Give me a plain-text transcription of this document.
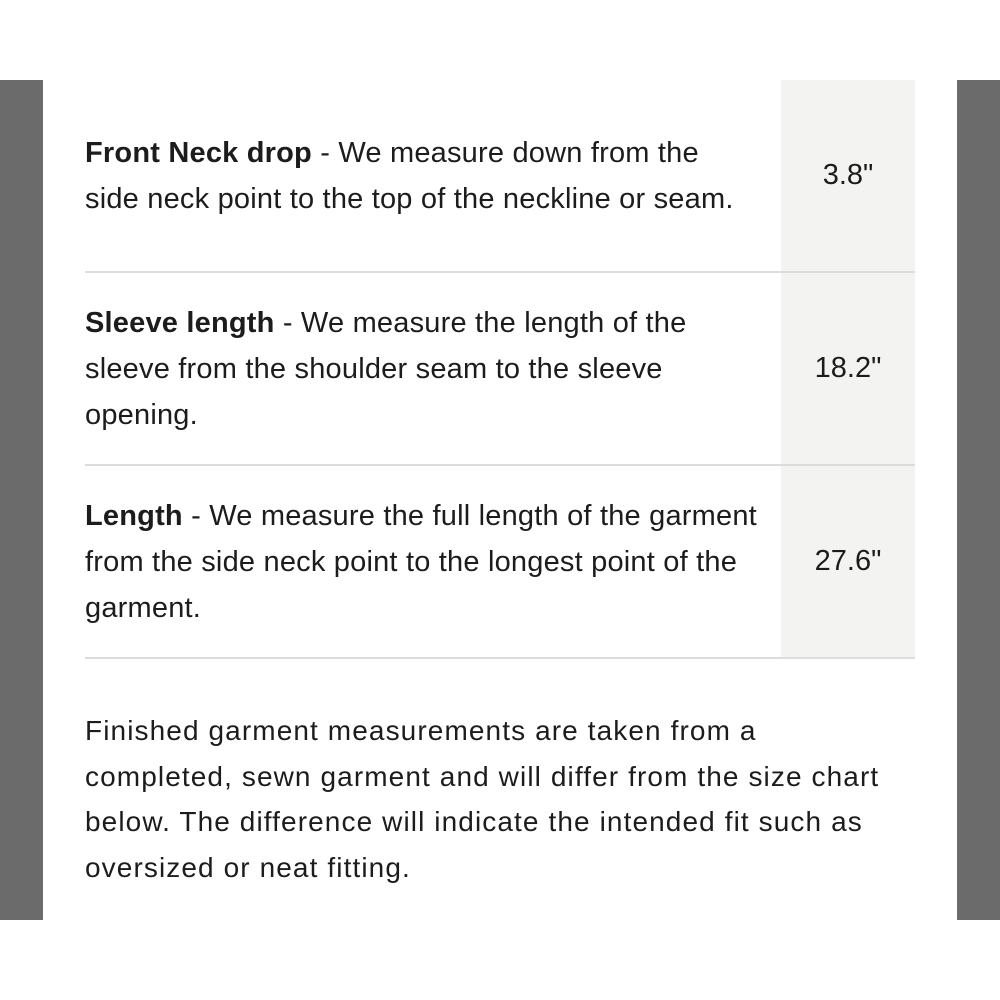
Front Neck drop - We measure down from the side neck point to the top of the neckline or seam.
3.8"
Sleeve length - We measure the length of the sleeve from the shoulder seam to the sleeve opening.
18.2"
Length - We measure the full length of the garment from the side neck point to the longest point of the garment.
27.6"
Finished garment measurements are taken from a completed, sewn garment and will differ from the size chart below. The difference will indicate the intended fit such as oversized or neat fitting.
